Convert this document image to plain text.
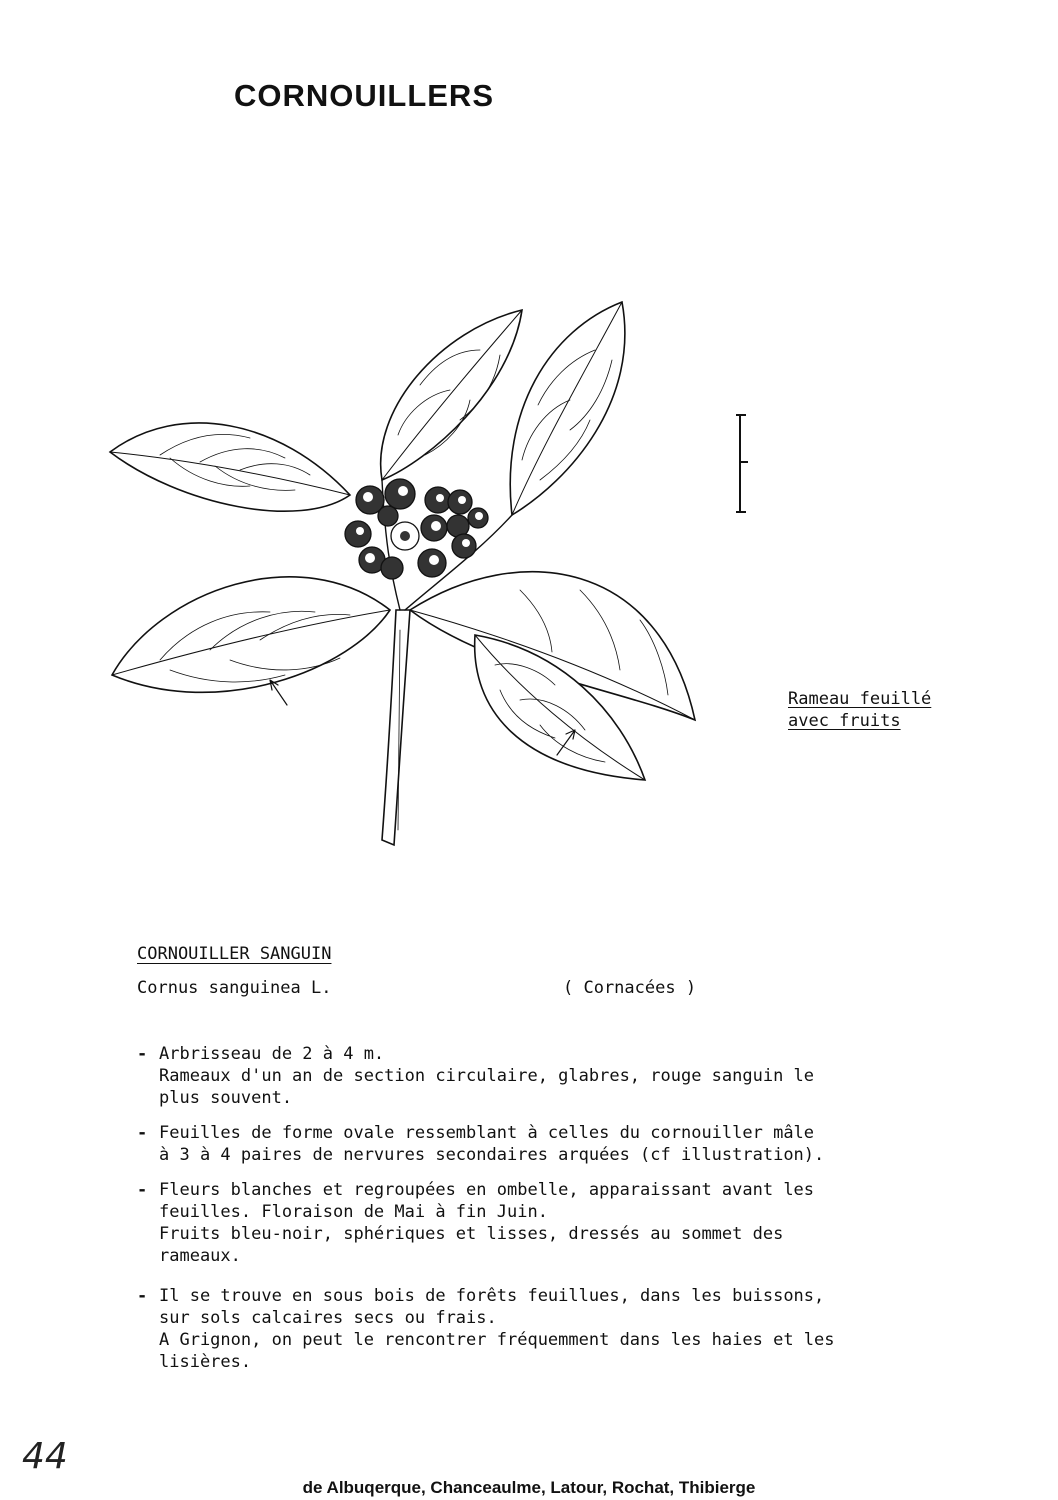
CORNOUILLERS
Rameau feuillé
avec fruits
CORNOUILLER SANGUIN
Cornus sanguinea L.	( Cornacées )
- Arbrisseau de 2 à 4 m.
Rameaux d'un an de section circulaire, glabres, rouge sanguin le
plus souvent.
- Feuilles de forme ovale ressemblant à celles du cornouiller mâle
à 3 à 4 paires de nervures secondaires arquées (cf illustration).
- Fleurs blanches et regroupées en ombelle, apparaissant avant les
feuilles. Floraison de Mai à fin Juin.
Fruits bleu-noir, sphériques et lisses, dressés au sommet des
rameaux.
- Il se trouve en sous bois de forêts feuillues, dans les buissons,
sur sols calcaires secs ou frais.
A Grignon, on peut le rencontrer fréquemment dans les haies et les
lisières.
44
de Albuqerque, Chanceaulme, Latour, Rochat, Thibierge
